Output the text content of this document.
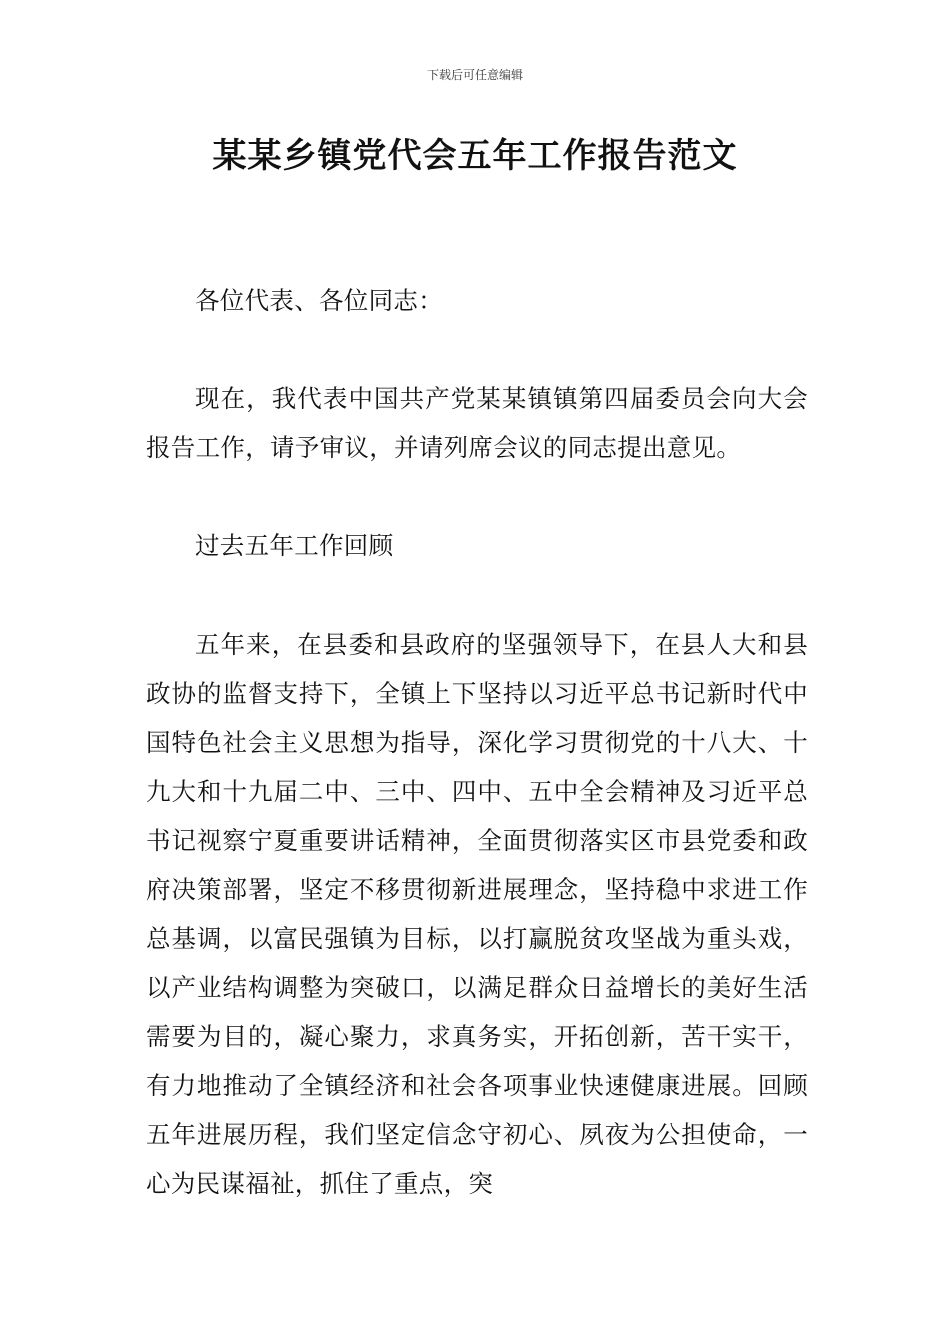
下载后可任意编辑
某某乡镇党代会五年工作报告范文

各位代表、各位同志：

现在，我代表中国共产党某某镇镇第四届委员会向大会报告工作，请予审议，并请列席会议的同志提出意见。

过去五年工作回顾

五年来，在县委和县政府的坚强领导下，在县人大和县政协的监督支持下，全镇上下坚持以习近平总书记新时代中国特色社会主义思想为指导，深化学习贯彻党的十八大、十九大和十九届二中、三中、四中、五中全会精神及习近平总书记视察宁夏重要讲话精神，全面贯彻落实区市县党委和政府决策部署，坚定不移贯彻新进展理念，坚持稳中求进工作总基调，以富民强镇为目标，以打赢脱贫攻坚战为重头戏，以产业结构调整为突破口，以满足群众日益增长的美好生活需要为目的，凝心聚力，求真务实，开拓创新，苦干实干，有力地推动了全镇经济和社会各项事业快速健康进展。回顾五年进展历程，我们坚定信念守初心、夙夜为公担使命，一心为民谋福祉，抓住了重点，突
